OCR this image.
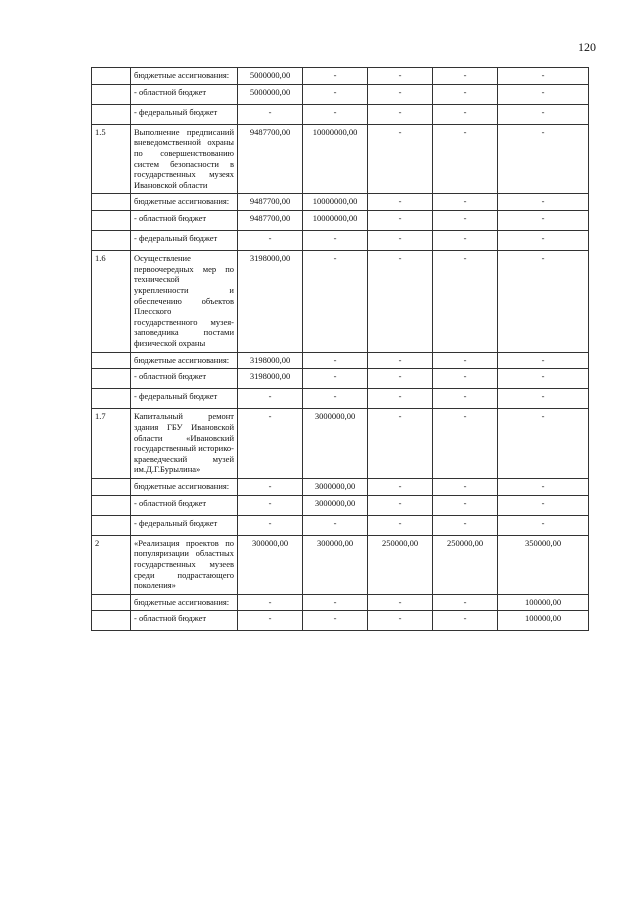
120
	бюджетные ассигнования:	5000000,00	-	-	-	-
	- областной бюджет	5000000,00	-	-	-	-
	- федеральный бюджет	-	-	-	-	-
1.5	Выполнение предписаний вневедомственной охраны по совершенствованию систем безопасности в государственных музеях Ивановской области	9487700,00	10000000,00	-	-	-
	бюджетные ассигнования:	9487700,00	10000000,00	-	-	-
	- областной бюджет	9487700,00	10000000,00	-	-	-
	- федеральный бюджет	-	-	-	-	-
1.6	Осуществление первоочередных мер по технической укрепленности и обеспечению объектов Плесского государственного музея-заповедника постами физической охраны	3198000,00	-	-	-	-
	бюджетные ассигнования:	3198000,00	-	-	-	-
	- областной бюджет	3198000,00	-	-	-	-
	- федеральный бюджет	-	-	-	-	-
1.7	Капитальный ремонт здания ГБУ Ивановской области «Ивановский государственный историко-краеведческий музей им.Д.Г.Бурылина»	-	3000000,00	-	-	-
	бюджетные ассигнования:	-	3000000,00	-	-	-
	- областной бюджет	-	3000000,00	-	-	-
	- федеральный бюджет	-	-	-	-	-
2	«Реализация проектов по популяризации областных государственных музеев среди подрастающего поколения»	300000,00	300000,00	250000,00	250000,00	350000,00
	бюджетные ассигнования:	-	-	-	-	100000,00
	- областной бюджет	-	-	-	-	100000,00
